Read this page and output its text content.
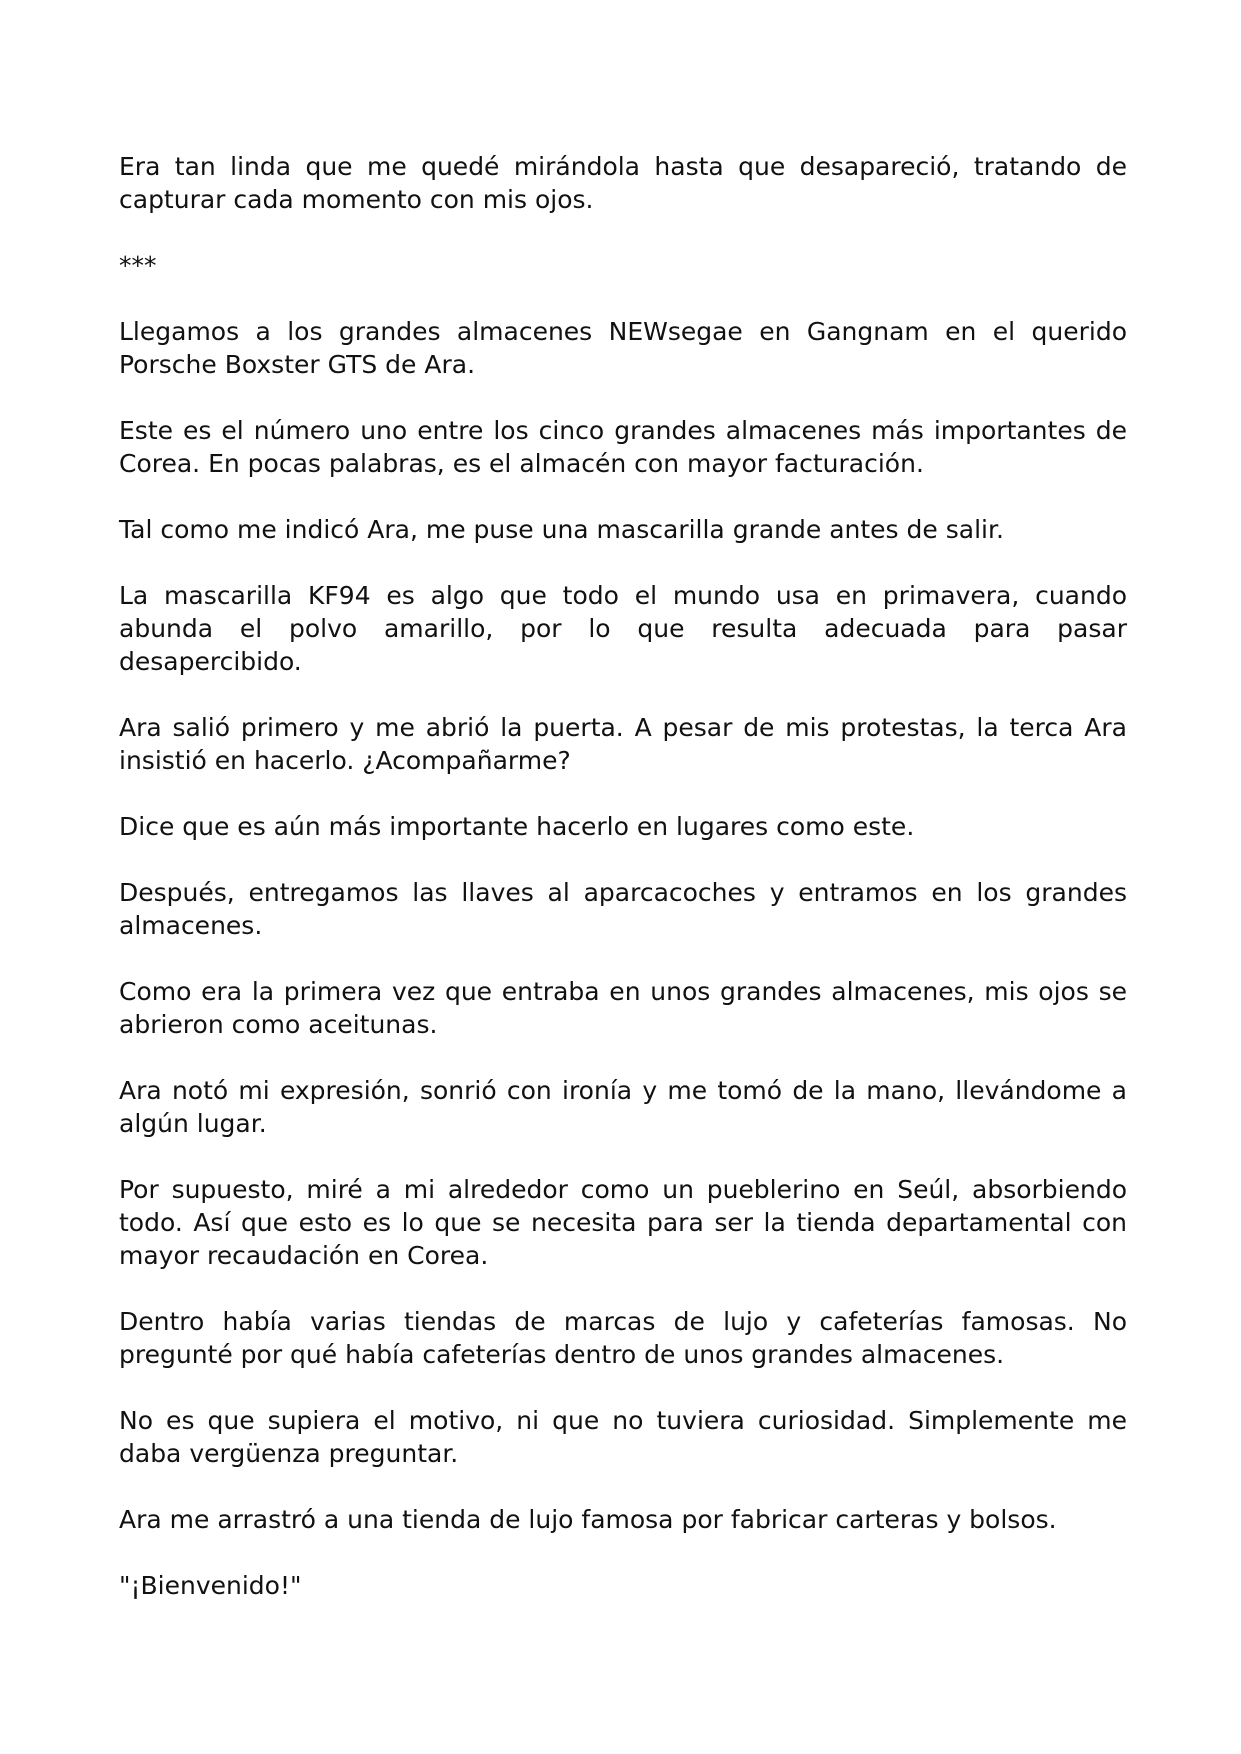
Era tan linda que me quedé mirándola hasta que desapareció, tratando de capturar cada momento con mis ojos.

***

Llegamos a los grandes almacenes NEWsegae en Gangnam en el querido Porsche Boxster GTS de Ara.

Este es el número uno entre los cinco grandes almacenes más importantes de Corea. En pocas palabras, es el almacén con mayor facturación.

Tal como me indicó Ara, me puse una mascarilla grande antes de salir.

La mascarilla KF94 es algo que todo el mundo usa en primavera, cuando abunda el polvo amarillo, por lo que resulta adecuada para pasar desapercibido.

Ara salió primero y me abrió la puerta. A pesar de mis protestas, la terca Ara insistió en hacerlo. ¿Acompañarme?

Dice que es aún más importante hacerlo en lugares como este.

Después, entregamos las llaves al aparcacoches y entramos en los grandes almacenes.

Como era la primera vez que entraba en unos grandes almacenes, mis ojos se abrieron como aceitunas.

Ara notó mi expresión, sonrió con ironía y me tomó de la mano, llevándome a algún lugar.

Por supuesto, miré a mi alrededor como un pueblerino en Seúl, absorbiendo todo. Así que esto es lo que se necesita para ser la tienda departamental con mayor recaudación en Corea.

Dentro había varias tiendas de marcas de lujo y cafeterías famosas. No pregunté por qué había cafeterías dentro de unos grandes almacenes.

No es que supiera el motivo, ni que no tuviera curiosidad. Simplemente me daba vergüenza preguntar.

Ara me arrastró a una tienda de lujo famosa por fabricar carteras y bolsos.

"¡Bienvenido!"
